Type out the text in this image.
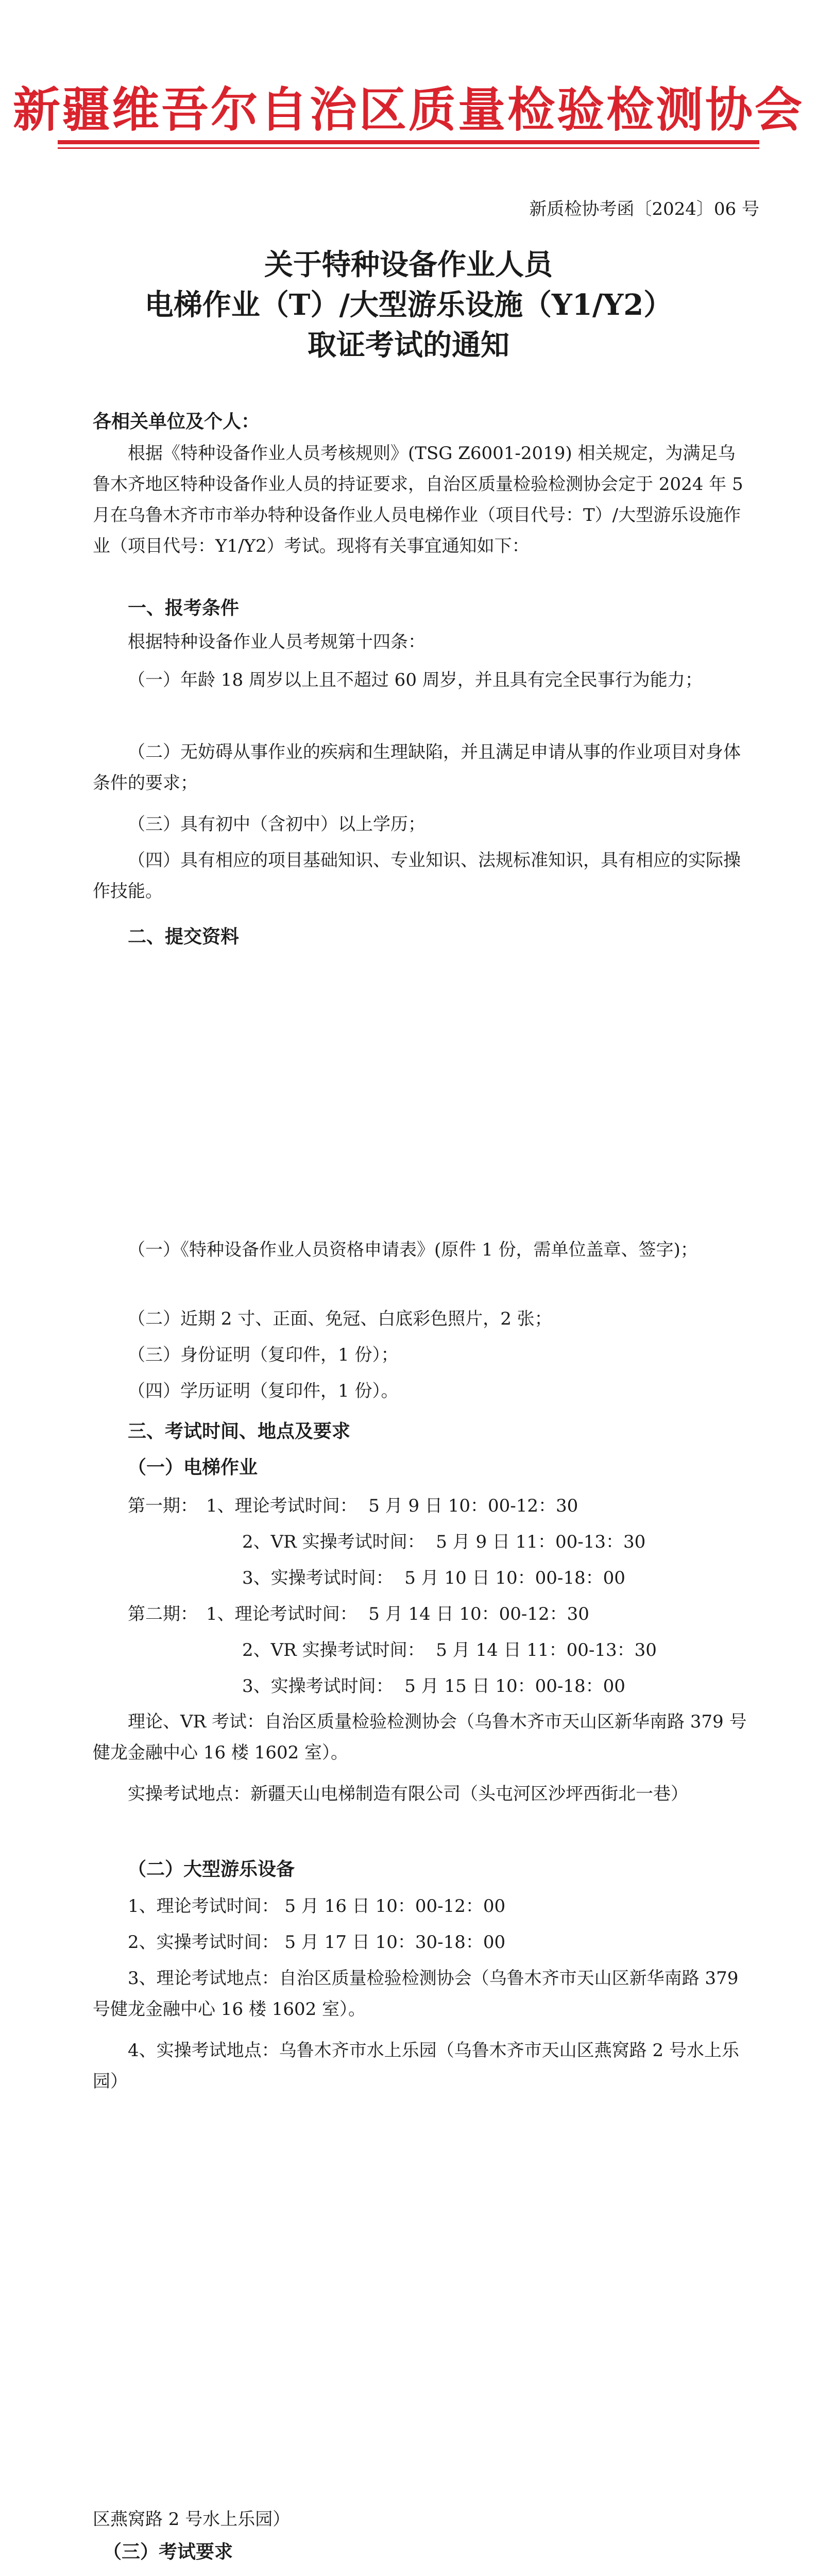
新疆维吾尔自治区质量检验检测协会
新质检协考函〔2024〕06 号
关于特种设备作业人员
电梯作业（T）/大型游乐设施（Y1/Y2）
取证考试的通知

各相关单位及个人：

根据《特种设备作业人员考核规则》(TSG Z6001-2019) 相关规定，为满足乌鲁木齐地区特种设备作业人员的持证要求，自治区质量检验检测协会定于 2024 年 5 月在乌鲁木齐市市举办特种设备作业人员电梯作业（项目代号：T）/大型游乐设施作业（项目代号：Y1/Y2）考试。现将有关事宜通知如下：

一、报考条件

根据特种设备作业人员考规第十四条：

（一）年龄 18 周岁以上且不超过 60 周岁，并且具有完全民事行为能力；

（二）无妨碍从事作业的疾病和生理缺陷，并且满足申请从事的作业项目对身体条件的要求；

（三）具有初中（含初中）以上学历；

（四）具有相应的项目基础知识、专业知识、法规标准知识，具有相应的实际操作技能。

二、提交资料

（一）《特种设备作业人员资格申请表》(原件 1 份，需单位盖章、签字)；

（二）近期 2 寸、正面、免冠、白底彩色照片，2 张；

（三）身份证明（复印件，1 份）；

（四）学历证明（复印件，1 份）。

三、考试时间、地点及要求

（一）电梯作业

第一期： 1、理论考试时间：  5 月 9 日 10：00-12：30
2、VR 实操考试时间：  5 月 9 日 11：00-13：30
3、实操考试时间：  5 月 10 日 10：00-18：00
第二期： 1、理论考试时间：  5 月 14 日 10：00-12：30
2、VR 实操考试时间：  5 月 14 日 11：00-13：30
3、实操考试时间：  5 月 15 日 10：00-18：00

理论、VR 考试：自治区质量检验检测协会（乌鲁木齐市天山区新华南路 379 号健龙金融中心 16 楼 1602 室）。

实操考试地点：新疆天山电梯制造有限公司（头屯河区沙坪西街北一巷）

（二）大型游乐设备

1、理论考试时间： 5 月 16 日 10：00-12：00

2、实操考试时间： 5 月 17 日 10：30-18：00

3、理论考试地点：自治区质量检验检测协会（乌鲁木齐市天山区新华南路 379 号健龙金融中心 16 楼 1602 室）。

4、实操考试地点：乌鲁木齐市水上乐园（乌鲁木齐市天山区燕窝路 2 号水上乐园）

区燕窝路 2 号水上乐园）

（三）考试要求
